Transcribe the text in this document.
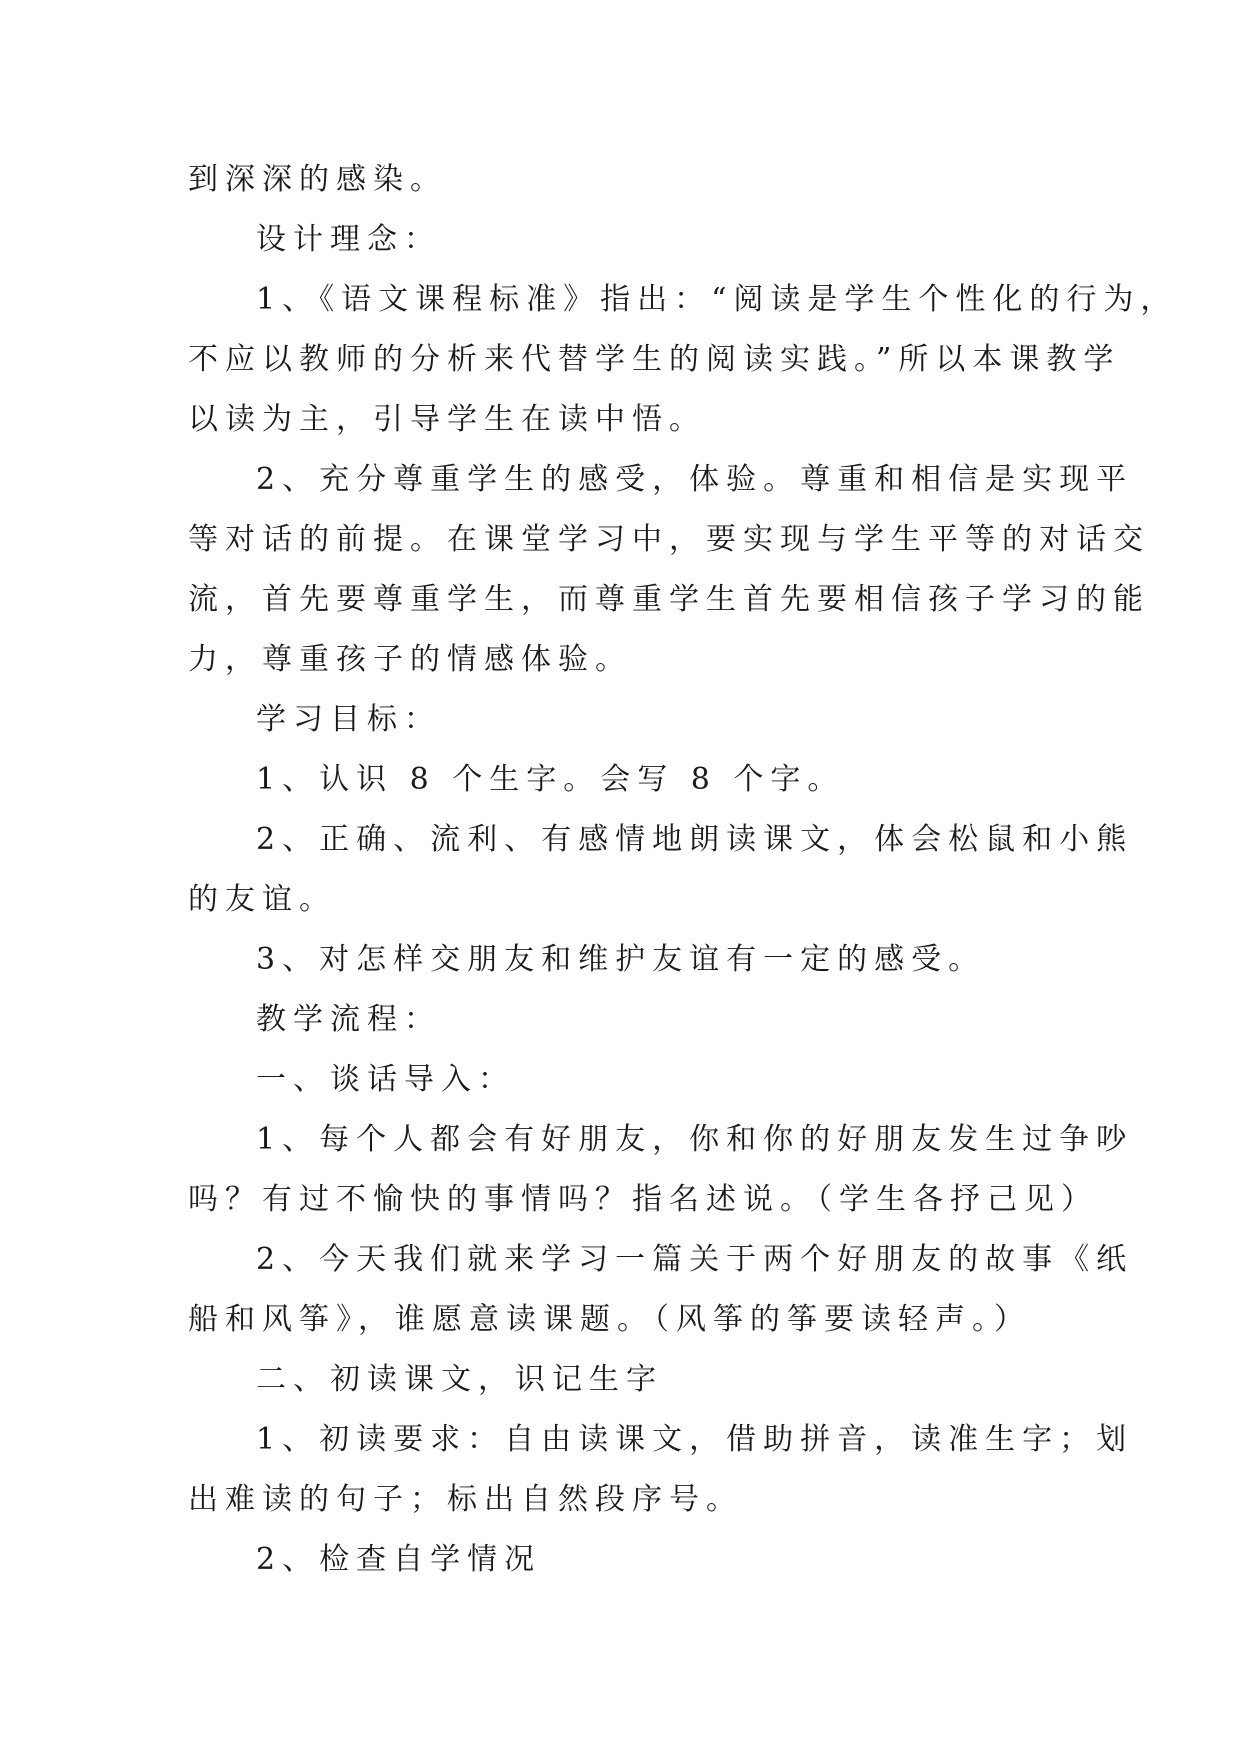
到深深的感染。
设计理念：
1、《语文课程标准》指出：“阅读是学生个性化的行为，
不应以教师的分析来代替学生的阅读实践。”所以本课教学
以读为主，引导学生在读中悟。
2、充分尊重学生的感受，体验。尊重和相信是实现平
等对话的前提。在课堂学习中，要实现与学生平等的对话交
流，首先要尊重学生，而尊重学生首先要相信孩子学习的能
力，尊重孩子的情感体验。
学习目标：
1、认识 8 个生字。会写 8 个字。
2、正确、流利、有感情地朗读课文，体会松鼠和小熊
的友谊。
3、对怎样交朋友和维护友谊有一定的感受。
教学流程：
一、谈话导入：
1、每个人都会有好朋友，你和你的好朋友发生过争吵
吗？有过不愉快的事情吗？指名述说。（学生各抒己见）
2、今天我们就来学习一篇关于两个好朋友的故事《纸
船和风筝》，谁愿意读课题。（风筝的筝要读轻声。）
二、初读课文，识记生字
1、初读要求：自由读课文，借助拼音，读准生字；划
出难读的句子；标出自然段序号。
2、检查自学情况
